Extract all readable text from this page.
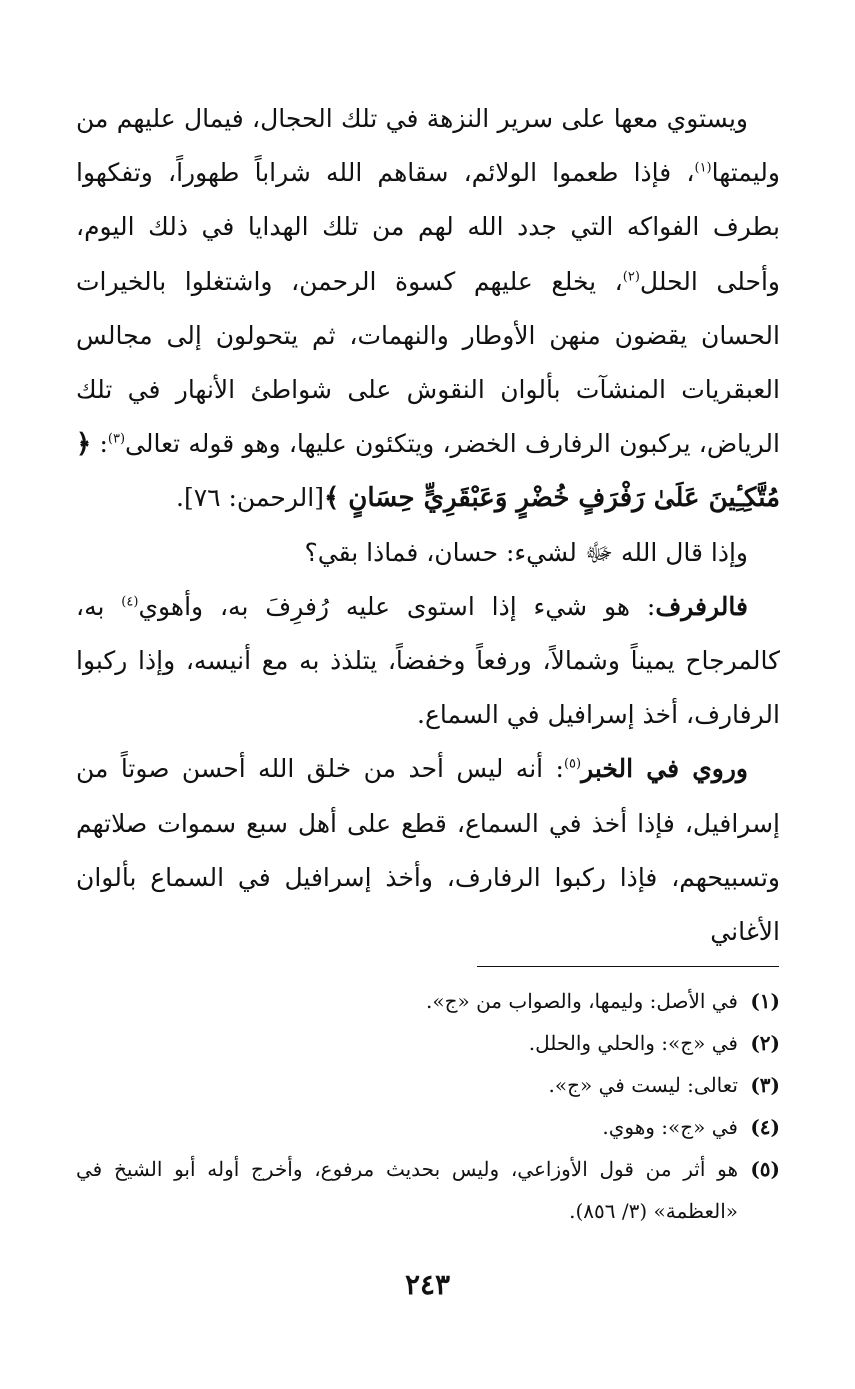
ويستوي معها على سرير النزهة في تلك الحجال، فيمال عليهم من وليمتها$^{(١)}$، فإذا طعموا الولائم، سقاهم الله شراباً طهوراً، وتفكهوا بطرف الفواكه التي جدد الله لهم من تلك الهدايا في ذلك اليوم، وأحلى الحلل$^{(٢)}$، يخلع عليهم كسوة الرحمن، واشتغلوا بالخيرات الحسان يقضون منهن الأوطار والنهمات، ثم يتحولون إلى مجالس العبقريات المنشآت بألوان النقوش على شواطئ الأنهار في تلك الرياض، يركبون الرفارف الخضر، ويتكئون عليها، وهو قوله تعالى$^{(٣)}$: ﴿ مُتَّكِـِٔينَ عَلَىٰ رَفْرَفٍ خُضْرٍ وَعَبْقَرِيٍّ حِسَانٍ ﴾[الرحمن: ٧٦].

وإذا قال الله ﷻ لشيء: حسان، فماذا بقي؟

فالرفرف: هو شيء إذا استوى عليه رُفرِفَ به، وأهوي$^{(٤)}$ به، كالمرجاح يميناً وشمالاً، ورفعاً وخفضاً، يتلذذ به مع أنيسه، وإذا ركبوا الرفارف، أخذ إسرافيل في السماع.

وروي في الخبر$^{(٥)}$: أنه ليس أحد من خلق الله أحسن صوتاً من إسرافيل، فإذا أخذ في السماع، قطع على أهل سبع سموات صلاتهم وتسبيحهم، فإذا ركبوا الرفارف، وأخذ إسرافيل في السماع بألوان الأغاني

(١)
في الأصل: وليمها، والصواب من «ج».
(٢)
في «ج»: والحلي والحلل.
(٣)
تعالى: ليست في «ج».
(٤)
في «ج»: وهوي.
(٥)
هو أثر من قول الأوزاعي، وليس بحديث مرفوع، وأخرج أوله أبو الشيخ في «العظمة» (٣/ ٨٥٦).
٢٤٣
